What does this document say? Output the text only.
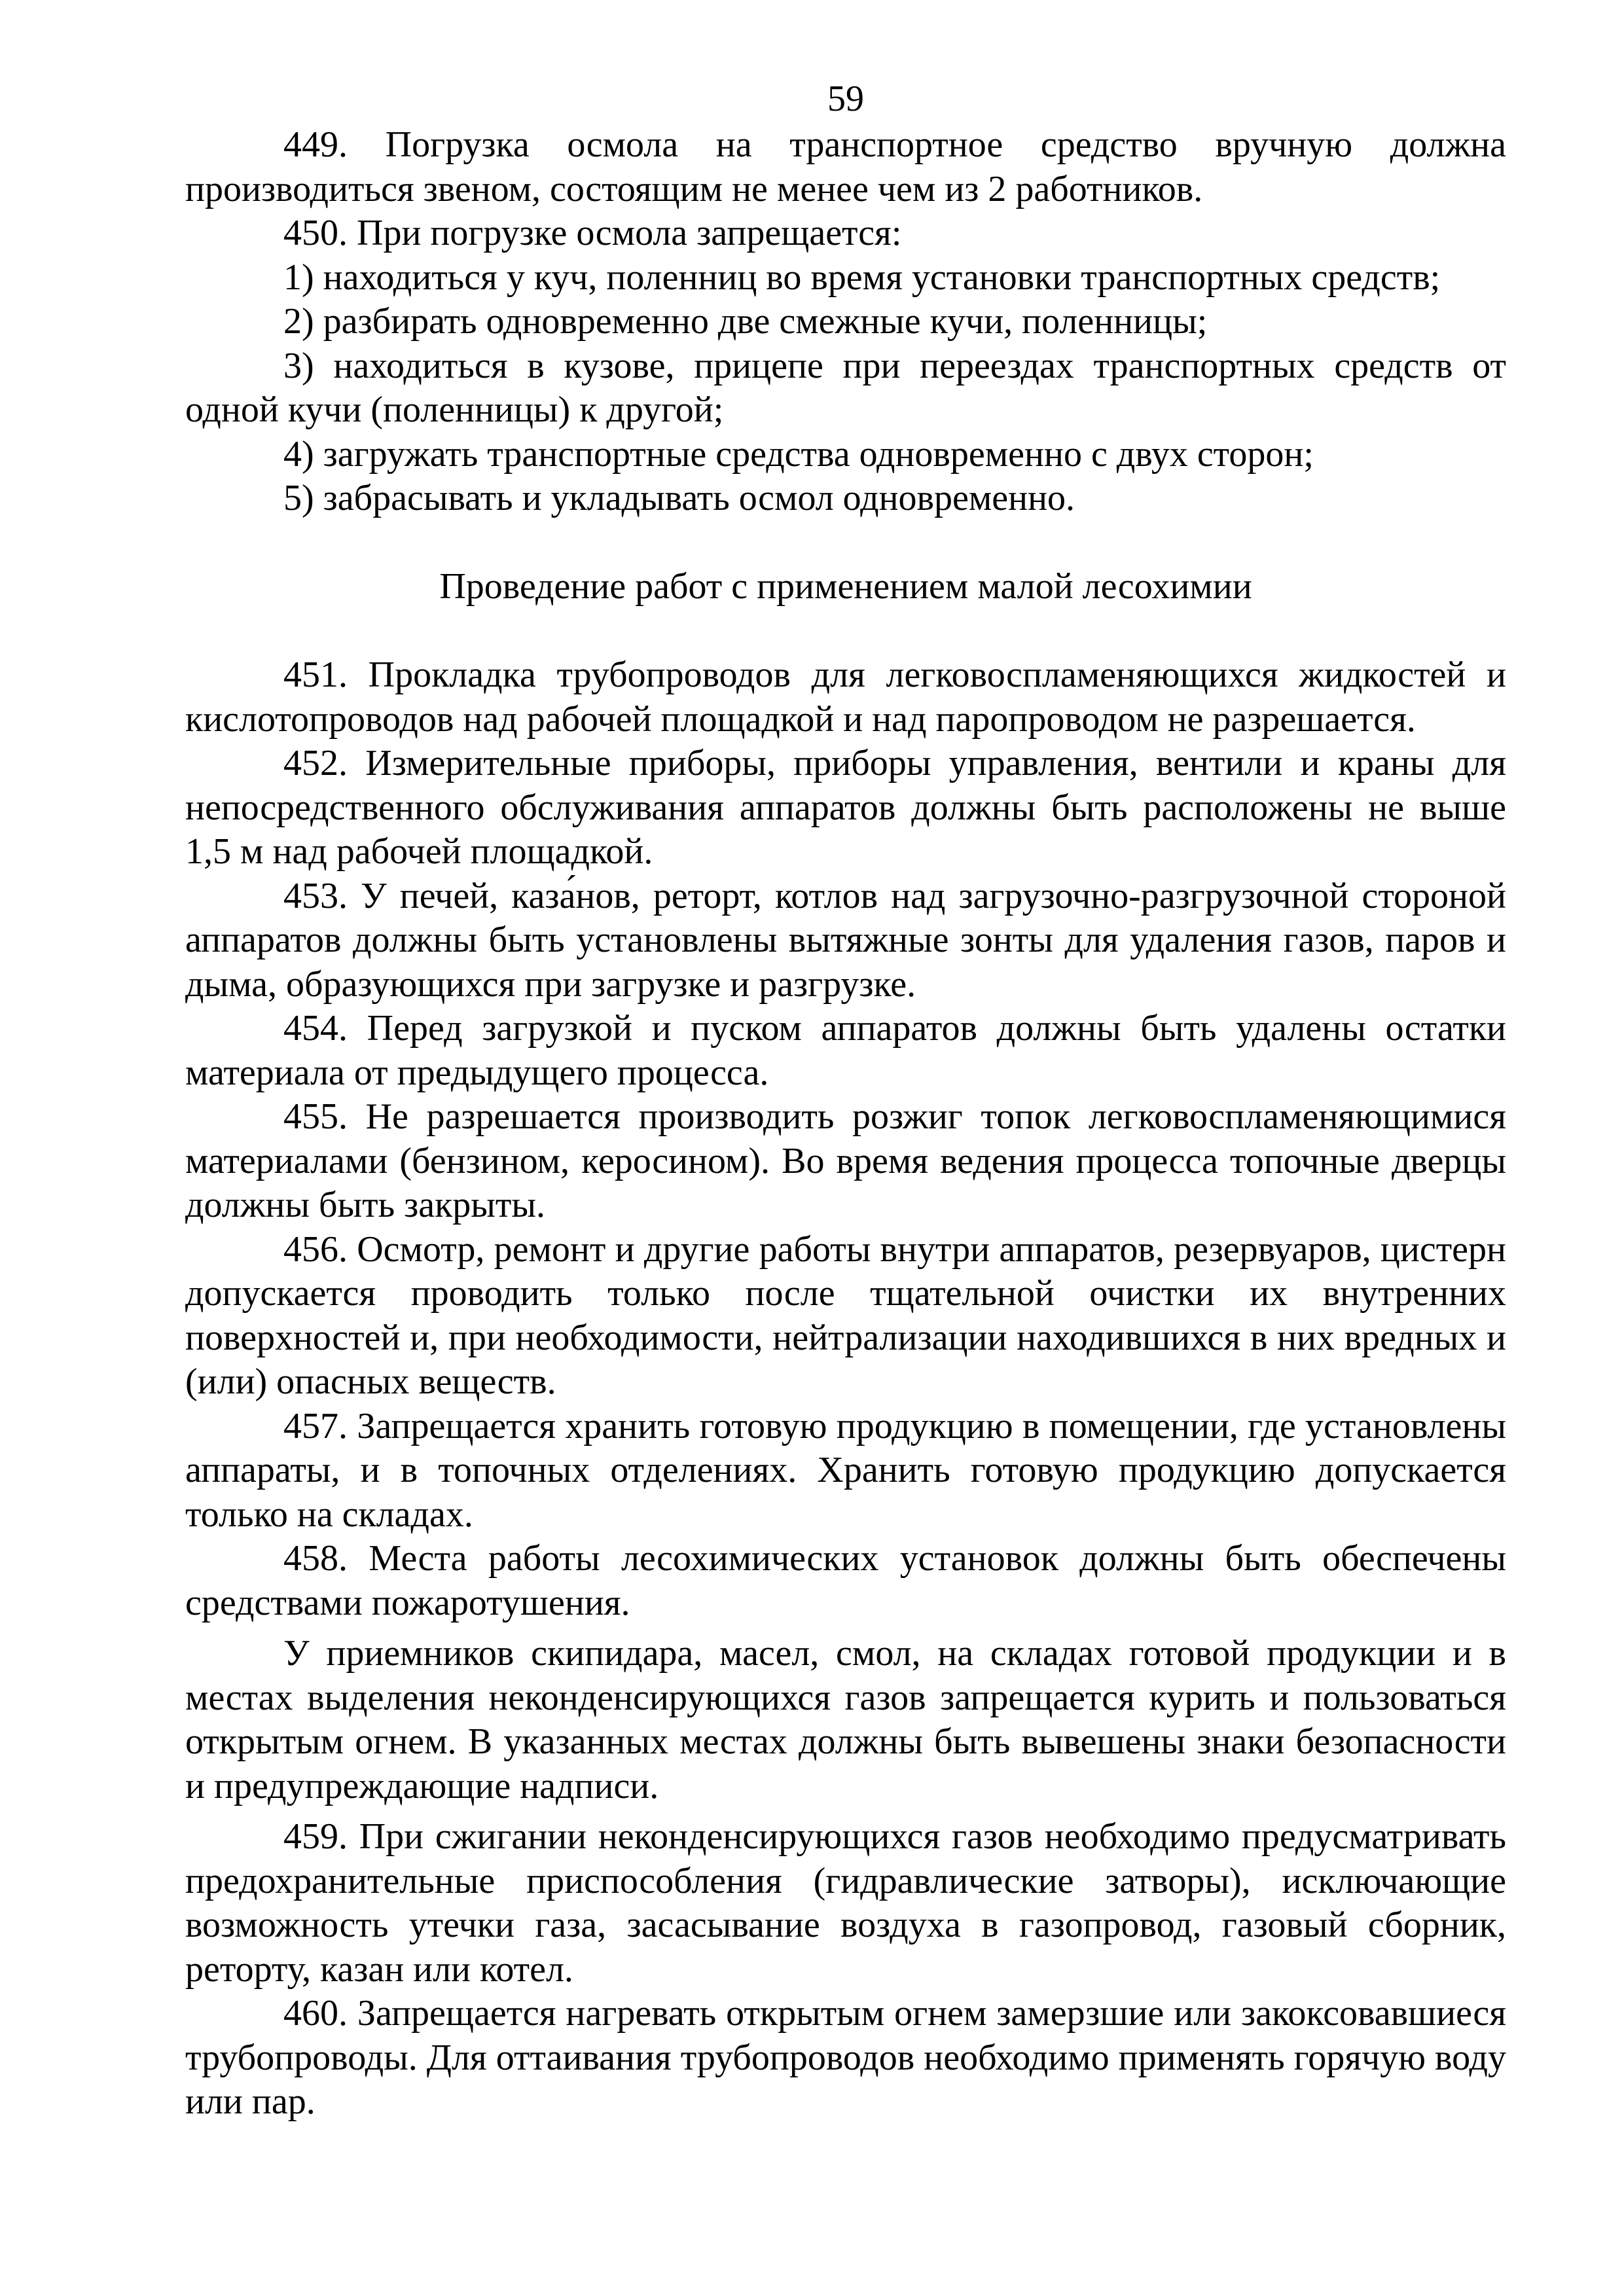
59

449. Погрузка осмола на транспортное средство вручную должна производиться звеном, состоящим не менее чем из 2 работников.

450. При погрузке осмола запрещается:

1) находиться у куч, поленниц во время установки транспортных средств;

2) разбирать одновременно две смежные кучи, поленницы;

3) находиться в кузове, прицепе при переездах транспортных средств от одной кучи (поленницы) к другой;

4) загружать транспортные средства одновременно с двух сторон;

5) забрасывать и укладывать осмол одновременно.

Проведение работ с применением малой лесохимии

451. Прокладка трубопроводов для легковоспламеняющихся жидкостей и кислотопроводов над рабочей площадкой и над паропроводом не разрешается.

452. Измерительные приборы, приборы управления, вентили и краны для непосредственного обслуживания аппаратов должны быть расположены не выше 1,5 м над рабочей площадкой.

453. У печей, каза́нов, реторт, котлов над загрузочно-разгрузочной стороной аппаратов должны быть установлены вытяжные зонты для удаления газов, паров и дыма, образующихся при загрузке и разгрузке.

454. Перед загрузкой и пуском аппаратов должны быть удалены остатки материала от предыдущего процесса.

455. Не разрешается производить розжиг топок легковоспламеняющимися материалами (бензином, керосином). Во время ведения процесса топочные дверцы должны быть закрыты.

456. Осмотр, ремонт и другие работы внутри аппаратов, резервуаров, цистерн допускается проводить только после тщательной очистки их внутренних поверхностей и, при необходимости, нейтрализации находившихся в них вредных и (или) опасных веществ.

457. Запрещается хранить готовую продукцию в помещении, где установлены аппараты, и в топочных отделениях. Хранить готовую продукцию допускается только на складах.

458. Места работы лесохимических установок должны быть обеспечены средствами пожаротушения.

У приемников скипидара, масел, смол, на складах готовой продукции и в местах выделения неконденсирующихся газов запрещается курить и пользоваться открытым огнем. В указанных местах должны быть вывешены знаки безопасности и предупреждающие надписи.

459. При сжигании неконденсирующихся газов необходимо предусматривать предохранительные приспособления (гидравлические затворы), исключающие возможность утечки газа, засасывание воздуха в газопровод, газовый сборник, реторту, казан или котел.

460. Запрещается нагревать открытым огнем замерзшие или закоксовавшиеся трубопроводы. Для оттаивания трубопроводов необходимо применять горячую воду или пар.
